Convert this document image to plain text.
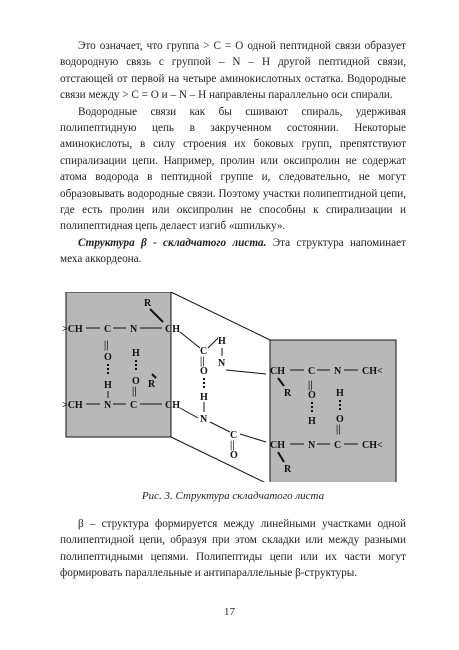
Это означает, что группа > C = O одной пептидной связи образует водородную связь с группой – N – H другой пептидной связи, отстающей от первой на четыре аминокислотных остатка. Водородные связи между > C = O и – N – H направлены параллельно оси спирали.

Водородные связи как бы сшивают спираль, удерживая полипептидную цепь в закрученном состоянии. Некоторые аминокислоты, в силу строения их боковых групп, препятствуют спирализации цепи. Например, пролин или оксипролин не содержат атома водорода в пептидной группе и, следовательно, не могут образовывать водородные связи. Поэтому участки полипептидной цепи, где есть пролин или оксипролин не способны к спирализации и полипептидная цепь делаест изгиб «шпильку».

Структура β - складчатого листа. Эта структура напоминает меха аккордеона.

>CH C N	CH
R
||
O
H
H
O
||
R
>CH N C	CH
C
||
O
H
N
H
N
C
||
O
CH C N CH<
R
||
O
H
H
O
||
CH N C CH<
R
Рис. 3. Структура складчатого листа

β – структура формируется между линейными участками одной полипептидной цепи, образуя при этом складки или между разными полипептидными цепями. Полипептиды цепи или их части могут формировать параллельные и антипараллельные β-структуры.

17
